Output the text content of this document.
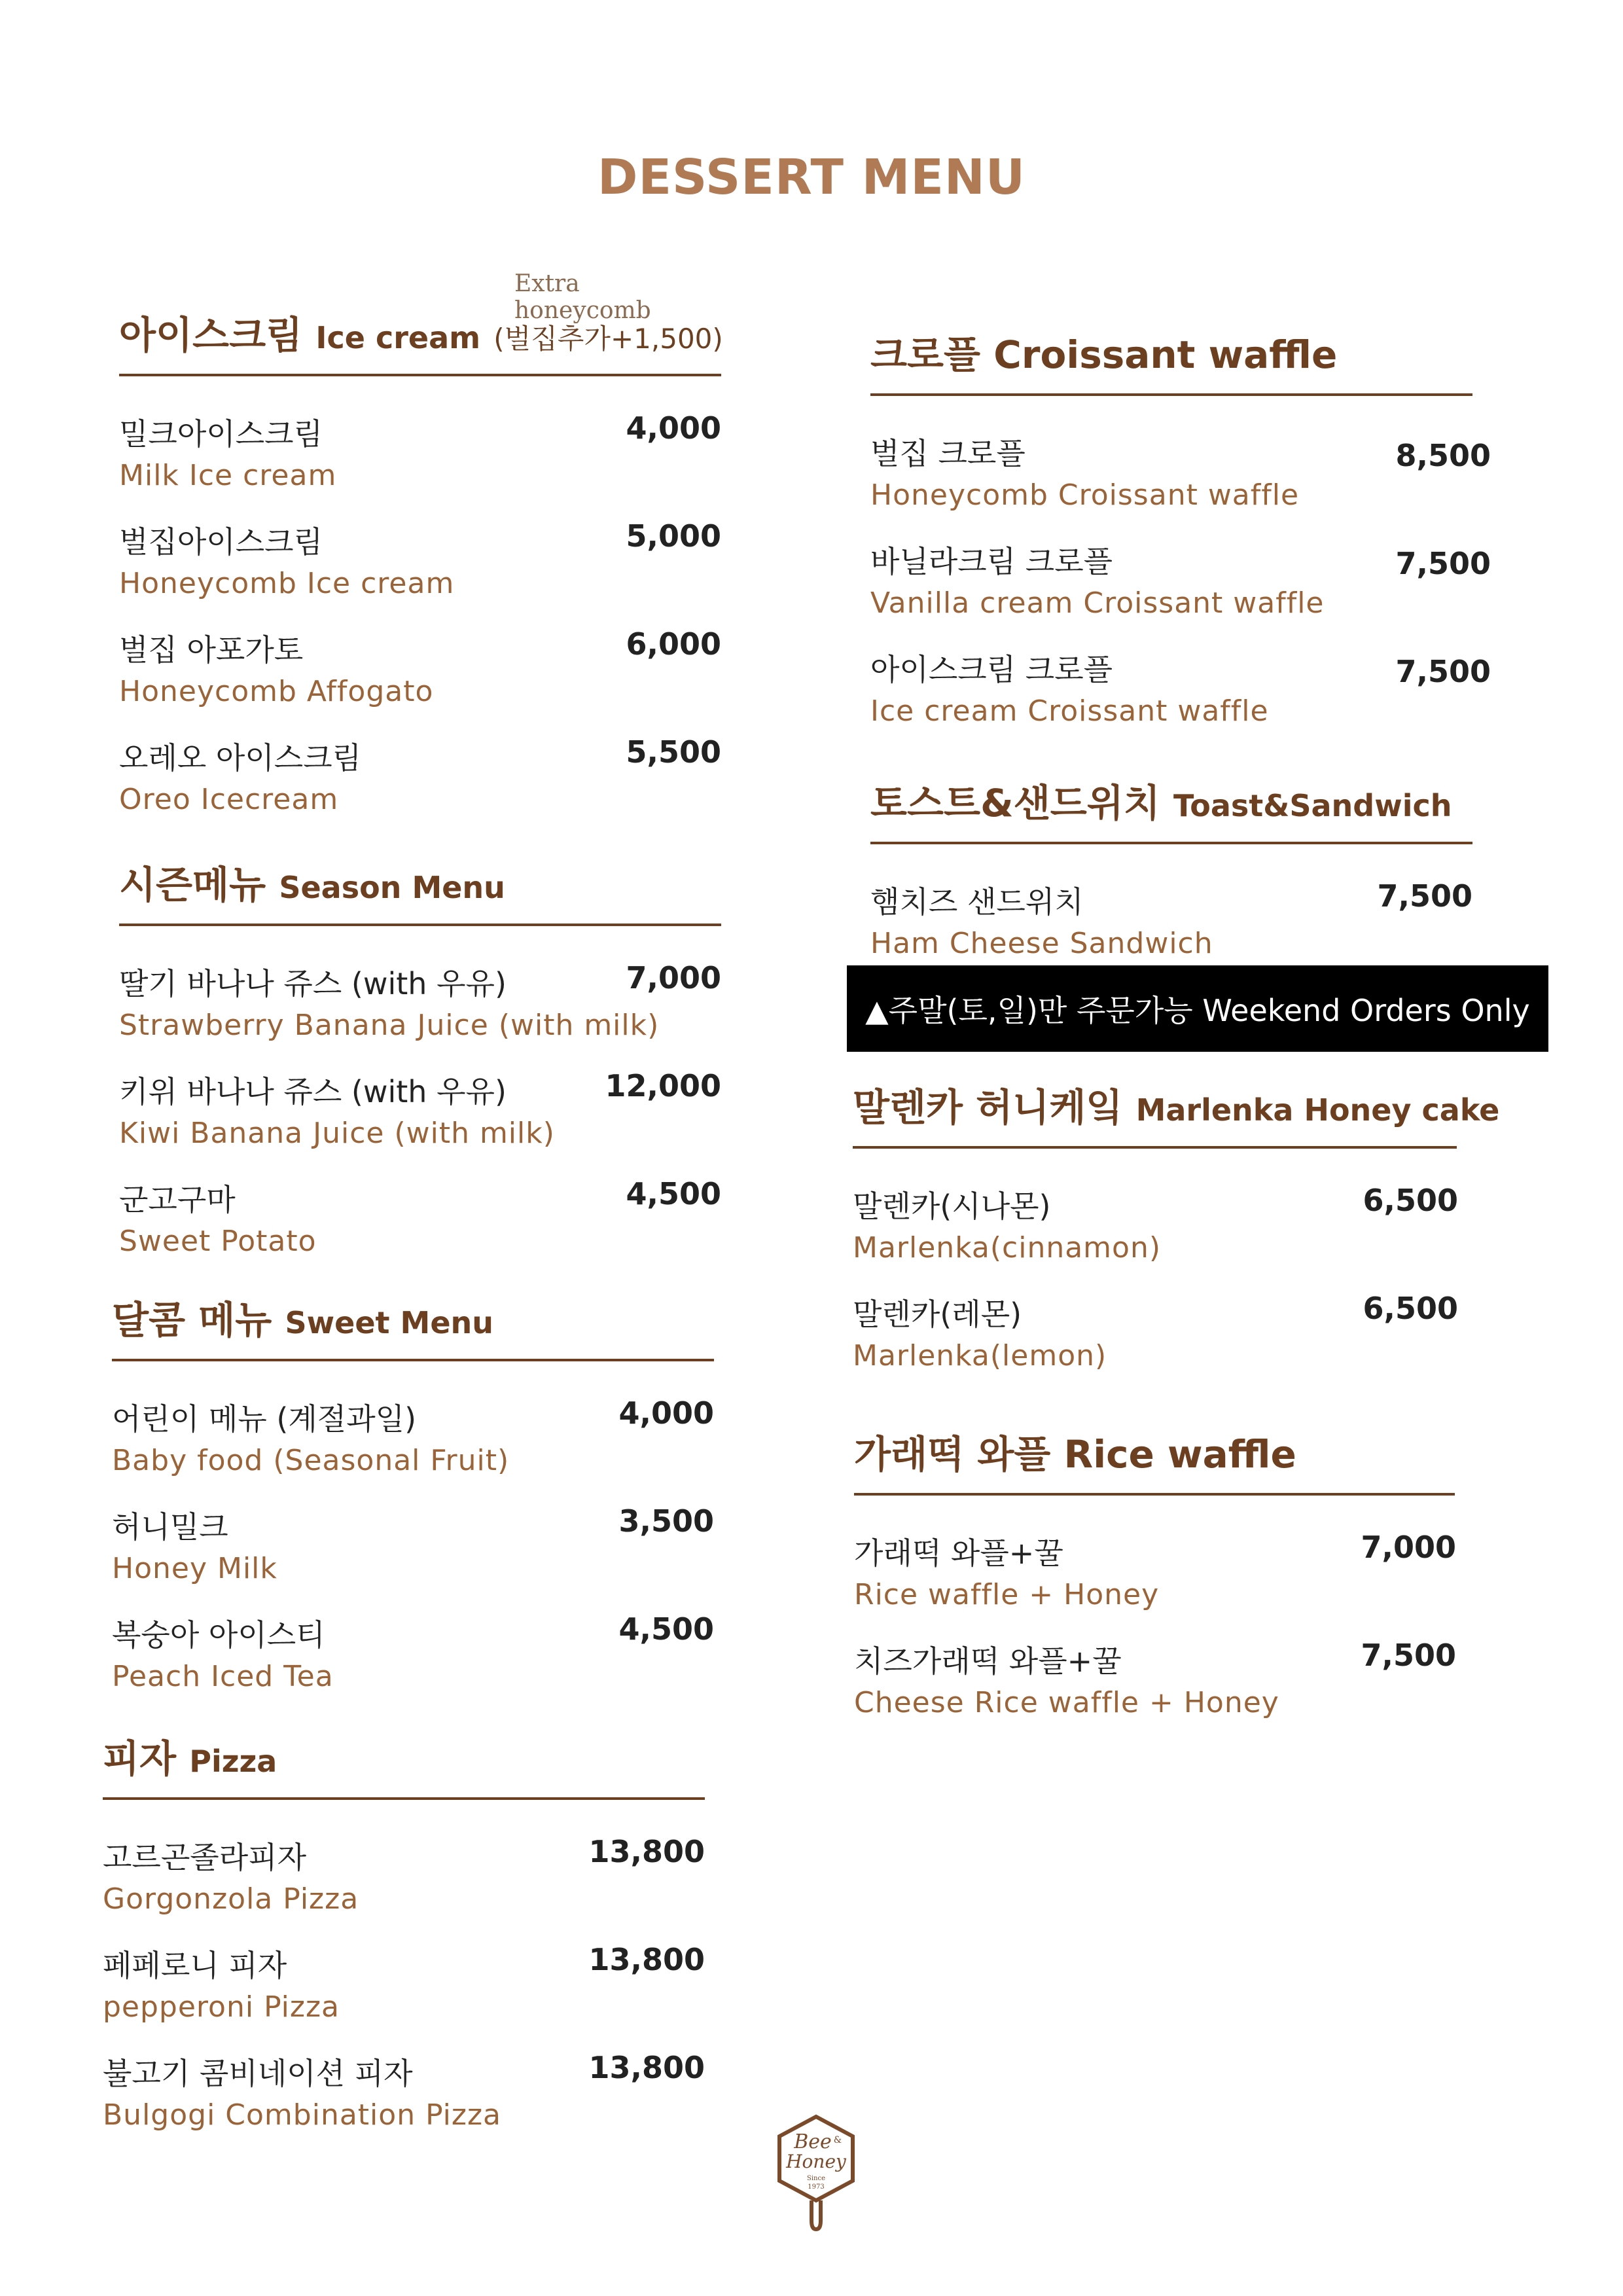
DESSERT MENU
Extra honeycomb
아이스크림 Ice cream (벌집추가+1,500)
밀크아이스크림
Milk Ice cream
4,000
벌집아이스크림
Honeycomb Ice cream
5,000
벌집 아포가토
Honeycomb Affogato
6,000
오레오 아이스크림
Oreo Icecream
5,500
시즌메뉴 Season Menu
딸기 바나나 쥬스 (with 우유)
Strawberry Banana Juice (with milk)
7,000
키위 바나나 쥬스 (with 우유)
Kiwi Banana Juice (with milk)
12,000
군고구마
Sweet Potato
4,500
달콤 메뉴 Sweet Menu
어린이 메뉴 (계절과일)
Baby food (Seasonal Fruit)
4,000
허니밀크
Honey Milk
3,500
복숭아 아이스티
Peach Iced Tea
4,500
피자 Pizza
고르곤졸라피자
Gorgonzola Pizza
13,800
페페로니 피자
pepperoni Pizza
13,800
불고기 콤비네이션 피자
Bulgogi Combination Pizza
13,800
크로플 Croissant waffle
벌집 크로플
Honeycomb Croissant waffle
8,500
바닐라크림 크로플
Vanilla cream Croissant waffle
7,500
아이스크림 크로플
Ice cream Croissant waffle
7,500
토스트&샌드위치 Toast&Sandwich
햄치즈 샌드위치
Ham Cheese Sandwich
7,500
▲주말(토,일)만 주문가능 Weekend Orders Only
말렌카 허니케잌 Marlenka Honey cake
말렌카(시나몬)
Marlenka(cinnamon)
6,500
말렌카(레몬)
Marlenka(lemon)
6,500
가래떡 와플 Rice waffle
가래떡 와플+꿀
Rice waffle + Honey
7,000
치즈가래떡 와플+꿀
Cheese Rice waffle + Honey
7,500
Bee &
Honey
Since
1973
